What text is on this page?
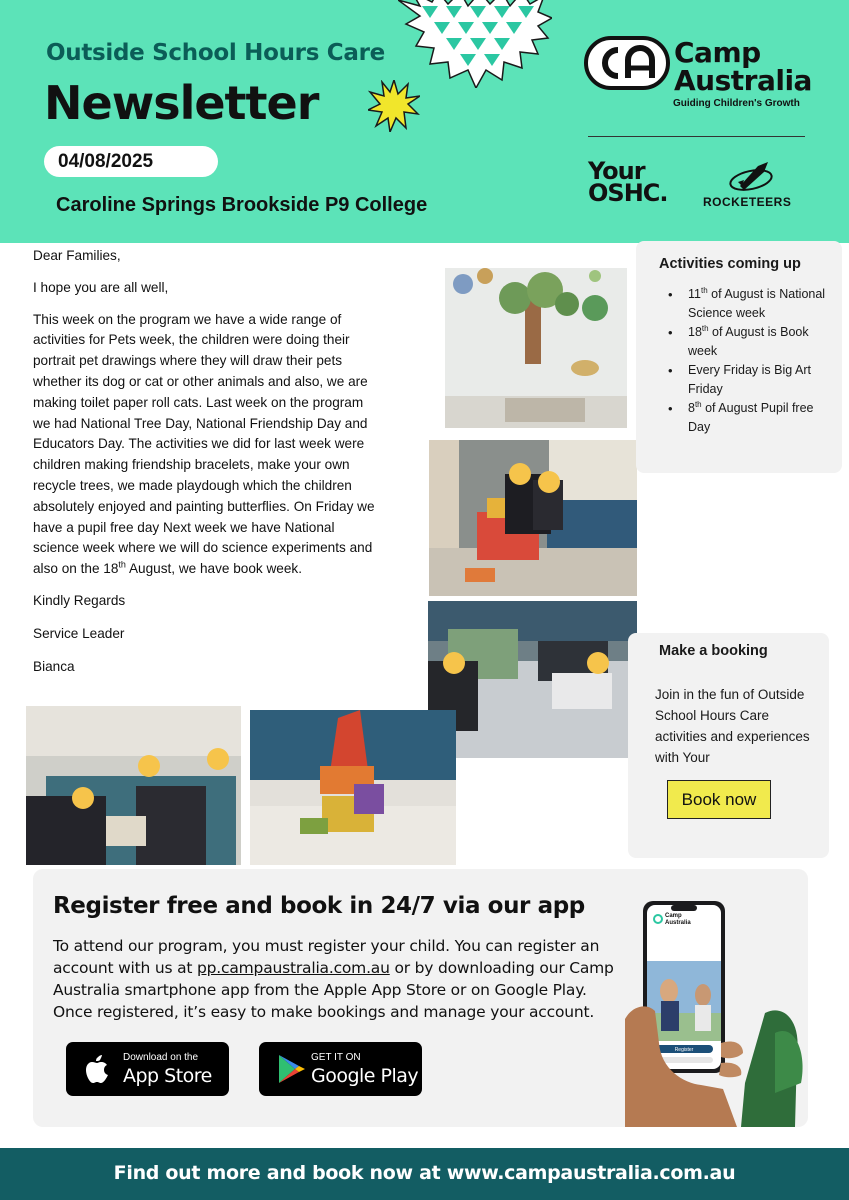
Outside School Hours Care
Newsletter
04/08/2025
Caroline Springs Brookside P9 College
Camp
Australia
Guiding Children's Growth
Your
OSHC.	ROCKETEERS

Dear Families,

I hope you are all well,

This week on the program we have a wide range of activities for Pets week, the children were doing their portrait pet drawings where they will draw their pets whether its dog or cat or other animals and also, we are making toilet paper roll cats. Last week on the program we had National Tree Day, National Friendship Day and Educators Day. The activities we did for last week were children making friendship bracelets, make your own recycle trees, we made playdough which the children absolutely enjoyed and painting butterflies. On Friday we have a pupil free day Next week we have National science week where we will do science experiments and also on the 18th August, we have book week.

Kindly Regards

Service Leader

Bianca

Activities coming up
• 11th of August is National Science week
• 18th of August is Book week
• Every Friday is Big Art Friday
• 8th of August Pupil free Day
Make a booking

Join in the fun of Outside School Hours Care activities and experiences with Your

Book now
Register free and book in 24/7 via our app
To attend our program, you must register your child. You can register an account with us at pp.campaustralia.com.au or by downloading our Camp Australia smartphone app from the Apple App Store or on Google Play. Once registered, it’s easy to make bookings and manage your account.
Download on the
App Store
GET IT ON
Google Play
Register
Camp
Australia
Find out more and book now at www.campaustralia.com.au
